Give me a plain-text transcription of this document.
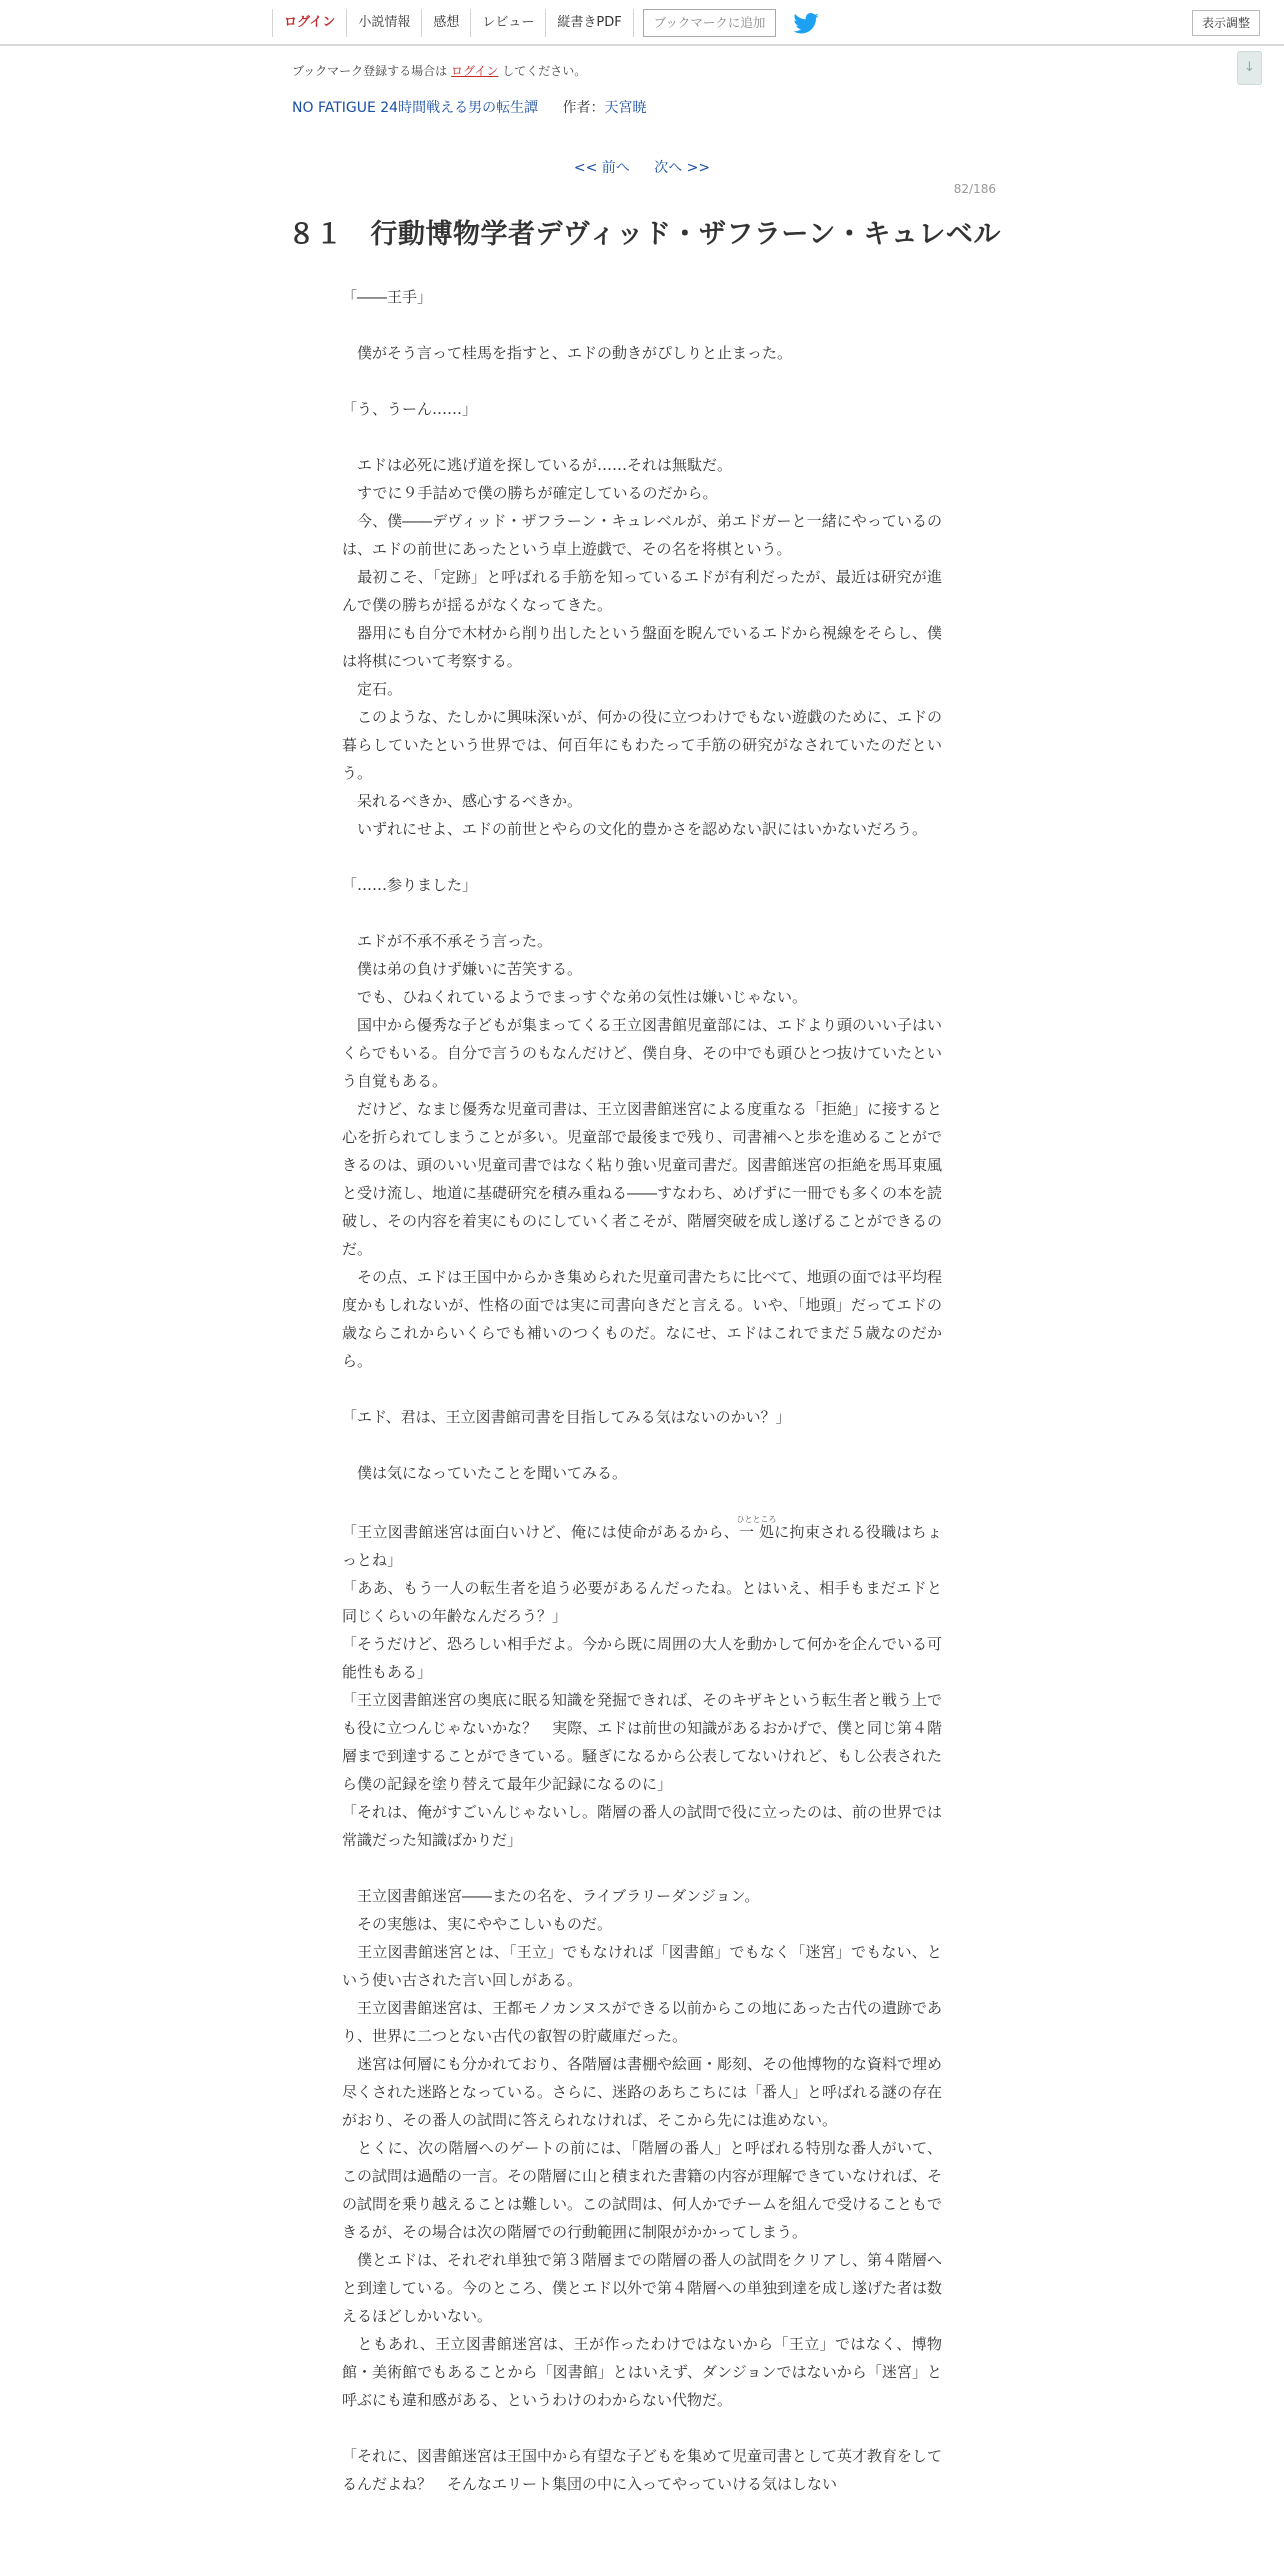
ログイン	小説情報	感想	レビュー	縦書きPDF	ブックマークに追加	表示調整
↓
ブックマーク登録する場合は ログイン してください。
NO FATIGUE 24時間戦える男の転生譚 作者：天宮暁
<< 前へ 次へ >>
82/186
８１　行動博物学者デヴィッド・ザフラーン・キュレベル

「――王手」

　僕がそう言って桂馬を指すと、エドの動きがぴしりと止まった。

「う、うーん……」

　エドは必死に逃げ道を探しているが……それは無駄だ。

　すでに９手詰めで僕の勝ちが確定しているのだから。

　今、僕――デヴィッド・ザフラーン・キュレベルが、弟エドガーと一緒にやっているのは、エドの前世にあったという卓上遊戯で、その名を将棋という。

　最初こそ、「定跡」と呼ばれる手筋を知っているエドが有利だったが、最近は研究が進んで僕の勝ちが揺るがなくなってきた。

　器用にも自分で木材から削り出したという盤面を睨んでいるエドから視線をそらし、僕は将棋について考察する。

　定石。

　このような、たしかに興味深いが、何かの役に立つわけでもない遊戯のために、エドの暮らしていたという世界では、何百年にもわたって手筋の研究がなされていたのだという。

　呆れるべきか、感心するべきか。

　いずれにせよ、エドの前世とやらの文化的豊かさを認めない訳にはいかないだろう。

「……参りました」

　エドが不承不承そう言った。

　僕は弟の負けず嫌いに苦笑する。

　でも、ひねくれているようでまっすぐな弟の気性は嫌いじゃない。

　国中から優秀な子どもが集まってくる王立図書館児童部には、エドより頭のいい子はいくらでもいる。自分で言うのもなんだけど、僕自身、その中でも頭ひとつ抜けていたという自覚もある。

　だけど、なまじ優秀な児童司書は、王立図書館迷宮による度重なる「拒絶」に接すると心を折られてしまうことが多い。児童部で最後まで残り、司書補へと歩を進めることができるのは、頭のいい児童司書ではなく粘り強い児童司書だ。図書館迷宮の拒絶を馬耳東風と受け流し、地道に基礎研究を積み重ねる――すなわち、めげずに一冊でも多くの本を読破し、その内容を着実にものにしていく者こそが、階層突破を成し遂げることができるのだ。

　その点、エドは王国中からかき集められた児童司書たちに比べて、地頭の面では平均程度かもしれないが、性格の面では実に司書向きだと言える。いや、「地頭」だってエドの歳ならこれからいくらでも補いのつくものだ。なにせ、エドはこれでまだ５歳なのだから。

「エド、君は、王立図書館司書を目指してみる気はないのかい？」

　僕は気になっていたことを聞いてみる。

「王立図書館迷宮は面白いけど、俺には使命があるから、一処ひとところに拘束される役職はちょっとね」

「ああ、もう一人の転生者を追う必要があるんだったね。とはいえ、相手もまだエドと同じくらいの年齢なんだろう？」

「そうだけど、恐ろしい相手だよ。今から既に周囲の大人を動かして何かを企んでいる可能性もある」

「王立図書館迷宮の奥底に眠る知識を発掘できれば、そのキザキという転生者と戦う上でも役に立つんじゃないかな？　実際、エドは前世の知識があるおかげで、僕と同じ第４階層まで到達することができている。騒ぎになるから公表してないけれど、もし公表されたら僕の記録を塗り替えて最年少記録になるのに」

「それは、俺がすごいんじゃないし。階層の番人の試問で役に立ったのは、前の世界では常識だった知識ばかりだ」

　王立図書館迷宮――またの名を、ライブラリーダンジョン。

　その実態は、実にややこしいものだ。

　王立図書館迷宮とは、「王立」でもなければ「図書館」でもなく「迷宮」でもない、という使い古された言い回しがある。

　王立図書館迷宮は、王都モノカンヌスができる以前からこの地にあった古代の遺跡であり、世界に二つとない古代の叡智の貯蔵庫だった。

　迷宮は何層にも分かれており、各階層は書棚や絵画・彫刻、その他博物的な資料で埋め尽くされた迷路となっている。さらに、迷路のあちこちには「番人」と呼ばれる謎の存在がおり、その番人の試問に答えられなければ、そこから先には進めない。

　とくに、次の階層へのゲートの前には、「階層の番人」と呼ばれる特別な番人がいて、この試問は過酷の一言。その階層に山と積まれた書籍の内容が理解できていなければ、その試問を乗り越えることは難しい。この試問は、何人かでチームを組んで受けることもできるが、その場合は次の階層での行動範囲に制限がかかってしまう。

　僕とエドは、それぞれ単独で第３階層までの階層の番人の試問をクリアし、第４階層へと到達している。今のところ、僕とエド以外で第４階層への単独到達を成し遂げた者は数えるほどしかいない。

　ともあれ、王立図書館迷宮は、王が作ったわけではないから「王立」ではなく、博物館・美術館でもあることから「図書館」とはいえず、ダンジョンではないから「迷宮」と呼ぶにも違和感がある、というわけのわからない代物だ。

「それに、図書館迷宮は王国中から有望な子どもを集めて児童司書として英才教育をしてるんだよね？　そんなエリート集団の中に入ってやっていける気はしない
